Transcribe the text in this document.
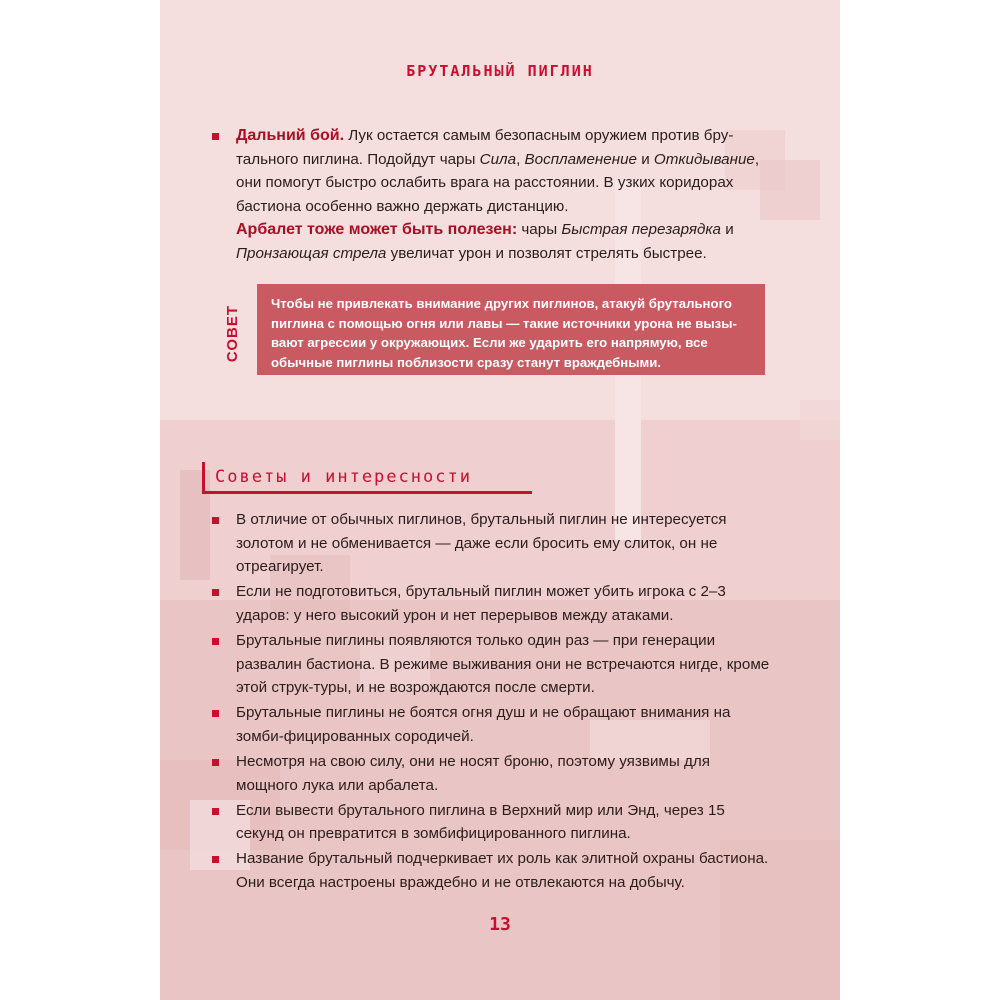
БРУТАЛЬНЫЙ ПИГЛИН
Дальний бой. Лук остается самым безопасным оружием против бру-тального пиглина. Подойдут чары Сила, Воспламенение и Откидывание, они помогут быстро ослабить врага на расстоянии. В узких коридорах бастиона особенно важно держать дистанцию.
Арбалет тоже может быть полезен: чары Быстрая перезарядка и Пронзающая стрела увеличат урон и позволят стрелять быстрее.
СОВЕТ
Чтобы не привлекать внимание других пиглинов, атакуй брутального пиглина с помощью огня или лавы — такие источники урона не вызы-вают агрессии у окружающих. Если же ударить его напрямую, все обычные пиглины поблизости сразу станут враждебными.
Советы и интересности
В отличие от обычных пиглинов, брутальный пиглин не интересуется золотом и не обменивается — даже если бросить ему слиток, он не отреагирует.
Если не подготовиться, брутальный пиглин может убить игрока с 2–3 ударов: у него высокий урон и нет перерывов между атаками.
Брутальные пиглины появляются только один раз — при генерации развалин бастиона. В режиме выживания они не встречаются нигде, кроме этой струк-туры, и не возрождаются после смерти.
Брутальные пиглины не боятся огня душ и не обращают внимания на зомби-фицированных сородичей.
Несмотря на свою силу, они не носят броню, поэтому уязвимы для мощного лука или арбалета.
Если вывести брутального пиглина в Верхний мир или Энд, через 15 секунд он превратится в зомбифицированного пиглина.
Название брутальный подчеркивает их роль как элитной охраны бастиона. Они всегда настроены враждебно и не отвлекаются на добычу.
13
